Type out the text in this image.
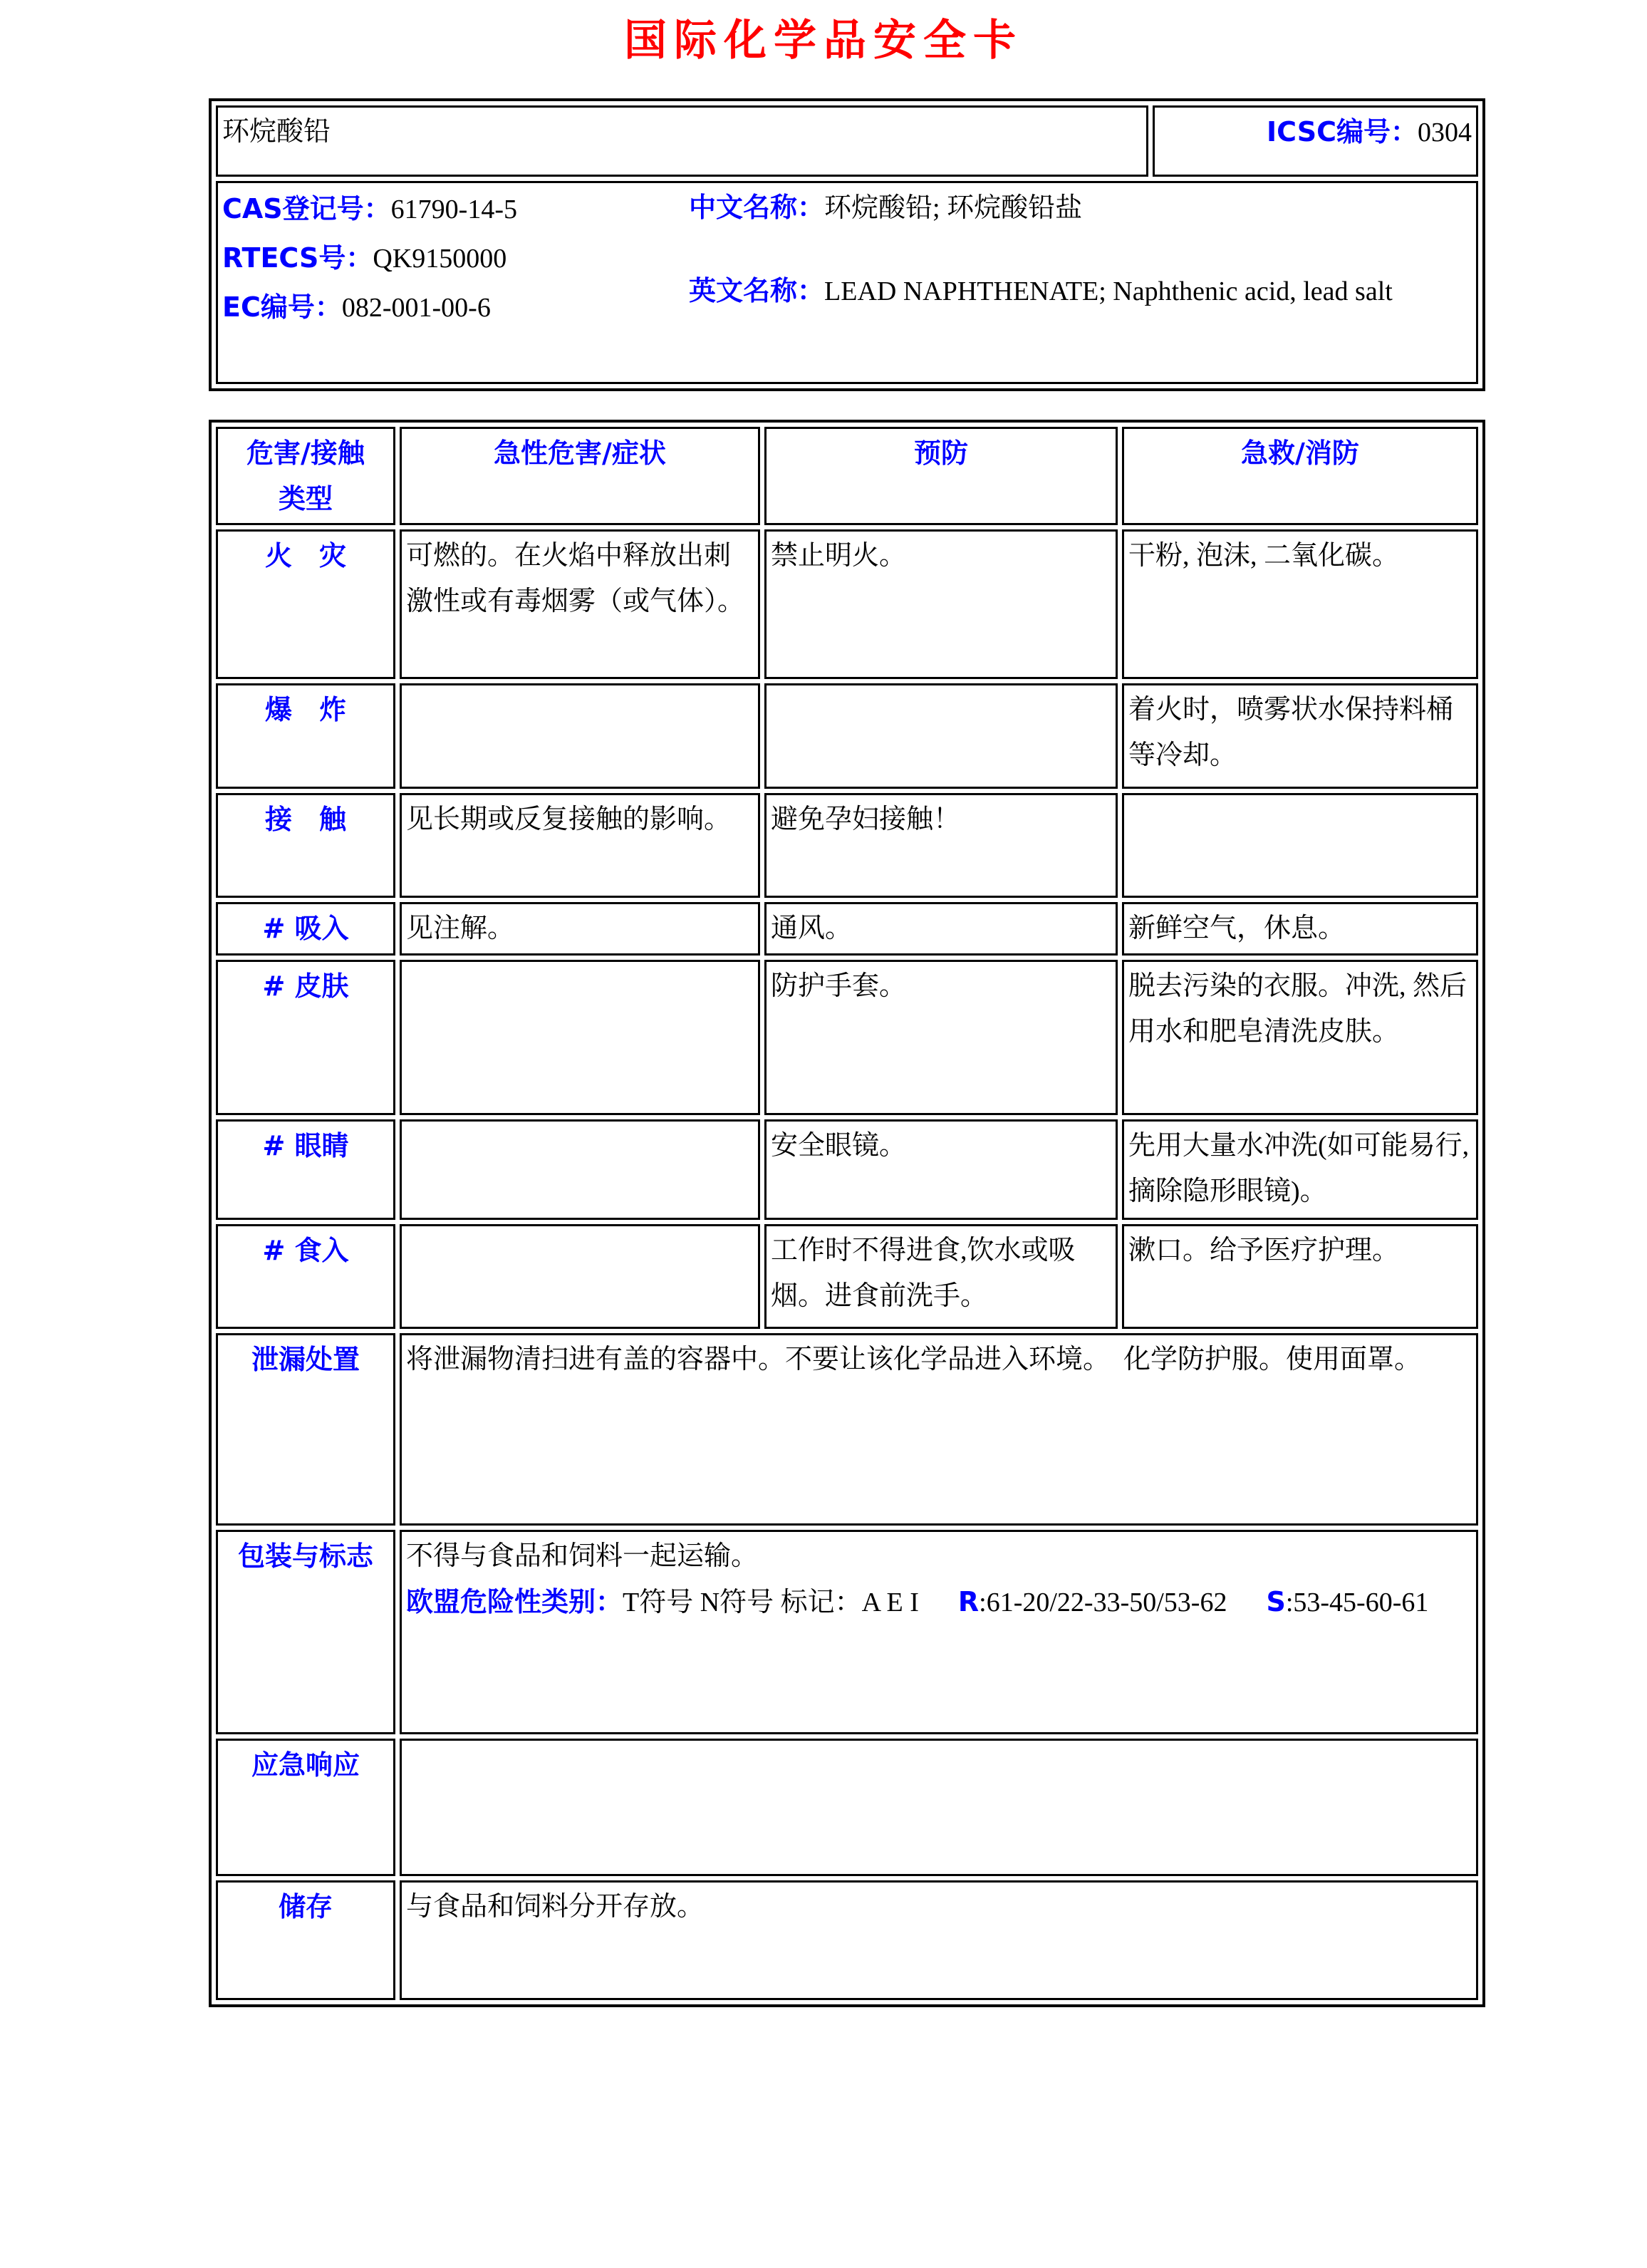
国际化学品安全卡
环烷酸铅	ICSC编号：0304

CAS登记号：61790-14-5
RTECS号：QK9150000
EC编号：082-001-00-6
中文名称：环烷酸铅; 环烷酸铅盐
英文名称：LEAD NAPHTHENATE; Naphthenic acid, lead salt
危害/接触
类型	急性危害/症状	预防	急救/消防
火　灾	可燃的。在火焰中释放出刺激性或有毒烟雾（或气体）。	禁止明火。	干粉, 泡沫, 二氧化碳。
爆　炸			着火时，喷雾状水保持料桶等冷却。
接　触	见长期或反复接触的影响。	避免孕妇接触！	
# 吸入	见注解。	通风。	新鲜空气，休息。
# 皮肤		防护手套。	脱去污染的衣服。冲洗, 然后用水和肥皂清洗皮肤。
# 眼睛		安全眼镜。	先用大量水冲洗(如可能易行,摘除隐形眼镜)。
# 食入		工作时不得进食,饮水或吸烟。进食前洗手。	漱口。给予医疗护理。
泄漏处置	将泄漏物清扫进有盖的容器中。不要让该化学品进入环境。　化学防护服。使用面罩。		
包装与标志	不得与食品和饲料一起运输。
欧盟危险性类别：T符号 N符号 标记：A E I R:61-20/22-33-50/53-62 S:53-45-60-61		

应急响应			
储存	与食品和饲料分开存放。		
